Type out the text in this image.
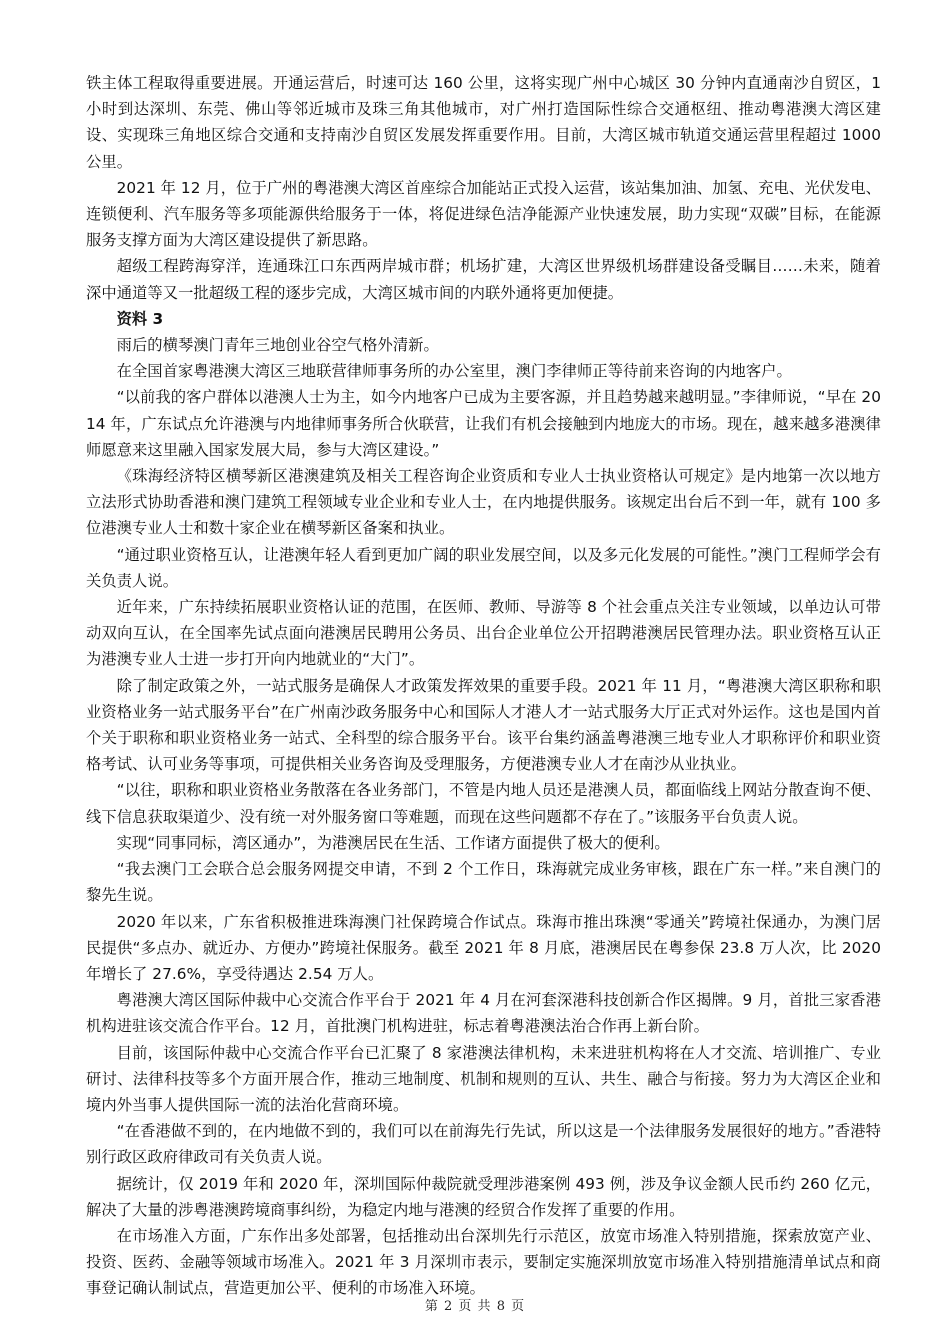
铁主体工程取得重要进展。开通运营后，时速可达 160 公里，这将实现广州中心城区 30 分钟内直通南沙自贸区，1 小时到达深圳、东莞、佛山等邻近城市及珠三角其他城市，对广州打造国际性综合交通枢纽、推动粤港澳大湾区建设、实现珠三角地区综合交通和支持南沙自贸区发展发挥重要作用。目前，大湾区城市轨道交通运营里程超过 1000 公里。

2021 年 12 月，位于广州的粤港澳大湾区首座综合加能站正式投入运营，该站集加油、加氢、充电、光伏发电、连锁便利、汽车服务等多项能源供给服务于一体，将促进绿色洁净能源产业快速发展，助力实现“双碳”目标，在能源服务支撑方面为大湾区建设提供了新思路。

超级工程跨海穿洋，连通珠江口东西两岸城市群；机场扩建，大湾区世界级机场群建设备受瞩目……未来，随着深中通道等又一批超级工程的逐步完成，大湾区城市间的内联外通将更加便捷。

资料 3

雨后的横琴澳门青年三地创业谷空气格外清新。

在全国首家粤港澳大湾区三地联营律师事务所的办公室里，澳门李律师正等待前来咨询的内地客户。

“以前我的客户群体以港澳人士为主，如今内地客户已成为主要客源，并且趋势越来越明显。”李律师说，“早在 2014 年，广东试点允许港澳与内地律师事务所合伙联营，让我们有机会接触到内地庞大的市场。现在，越来越多港澳律师愿意来这里融入国家发展大局，参与大湾区建设。”

《珠海经济特区横琴新区港澳建筑及相关工程咨询企业资质和专业人士执业资格认可规定》是内地第一次以地方立法形式协助香港和澳门建筑工程领域专业企业和专业人士，在内地提供服务。该规定出台后不到一年，就有 100 多位港澳专业人士和数十家企业在横琴新区备案和执业。

“通过职业资格互认，让港澳年轻人看到更加广阔的职业发展空间，以及多元化发展的可能性。”澳门工程师学会有关负责人说。

近年来，广东持续拓展职业资格认证的范围，在医师、教师、导游等 8 个社会重点关注专业领域，以单边认可带动双向互认，在全国率先试点面向港澳居民聘用公务员、出台企业单位公开招聘港澳居民管理办法。职业资格互认正为港澳专业人士进一步打开向内地就业的“大门”。

除了制定政策之外，一站式服务是确保人才政策发挥效果的重要手段。2021 年 11 月，“粤港澳大湾区职称和职业资格业务一站式服务平台”在广州南沙政务服务中心和国际人才港人才一站式服务大厅正式对外运作。这也是国内首个关于职称和职业资格业务一站式、全科型的综合服务平台。该平台集约涵盖粤港澳三地专业人才职称评价和职业资格考试、认可业务等事项，可提供相关业务咨询及受理服务，方便港澳专业人才在南沙从业执业。

“以往，职称和职业资格业务散落在各业务部门，不管是内地人员还是港澳人员，都面临线上网站分散查询不便、线下信息获取渠道少、没有统一对外服务窗口等难题，而现在这些问题都不存在了。”该服务平台负责人说。

实现“同事同标，湾区通办”，为港澳居民在生活、工作诸方面提供了极大的便利。

“我去澳门工会联合总会服务网提交申请，不到 2 个工作日，珠海就完成业务审核，跟在广东一样。”来自澳门的黎先生说。

2020 年以来，广东省积极推进珠海澳门社保跨境合作试点。珠海市推出珠澳“零通关”跨境社保通办，为澳门居民提供“多点办、就近办、方便办”跨境社保服务。截至 2021 年 8 月底，港澳居民在粤参保 23.8 万人次，比 2020 年增长了 27.6%，享受待遇达 2.54 万人。

粤港澳大湾区国际仲裁中心交流合作平台于 2021 年 4 月在河套深港科技创新合作区揭牌。9 月，首批三家香港机构进驻该交流合作平台。12 月，首批澳门机构进驻，标志着粤港澳法治合作再上新台阶。

目前，该国际仲裁中心交流合作平台已汇聚了 8 家港澳法律机构，未来进驻机构将在人才交流、培训推广、专业研讨、法律科技等多个方面开展合作，推动三地制度、机制和规则的互认、共生、融合与衔接。努力为大湾区企业和境内外当事人提供国际一流的法治化营商环境。

“在香港做不到的，在内地做不到的，我们可以在前海先行先试，所以这是一个法律服务发展很好的地方。”香港特别行政区政府律政司有关负责人说。

据统计，仅 2019 年和 2020 年，深圳国际仲裁院就受理涉港案例 493 例，涉及争议金额人民币约 260 亿元，解决了大量的涉粤港澳跨境商事纠纷，为稳定内地与港澳的经贸合作发挥了重要的作用。

在市场准入方面，广东作出多处部署，包括推动出台深圳先行示范区，放宽市场准入特别措施，探索放宽产业、投资、医药、金融等领域市场准入。2021 年 3 月深圳市表示，要制定实施深圳放宽市场准入特别措施清单试点和商事登记确认制试点，营造更加公平、便利的市场准入环境。

第 2 页 共 8 页
